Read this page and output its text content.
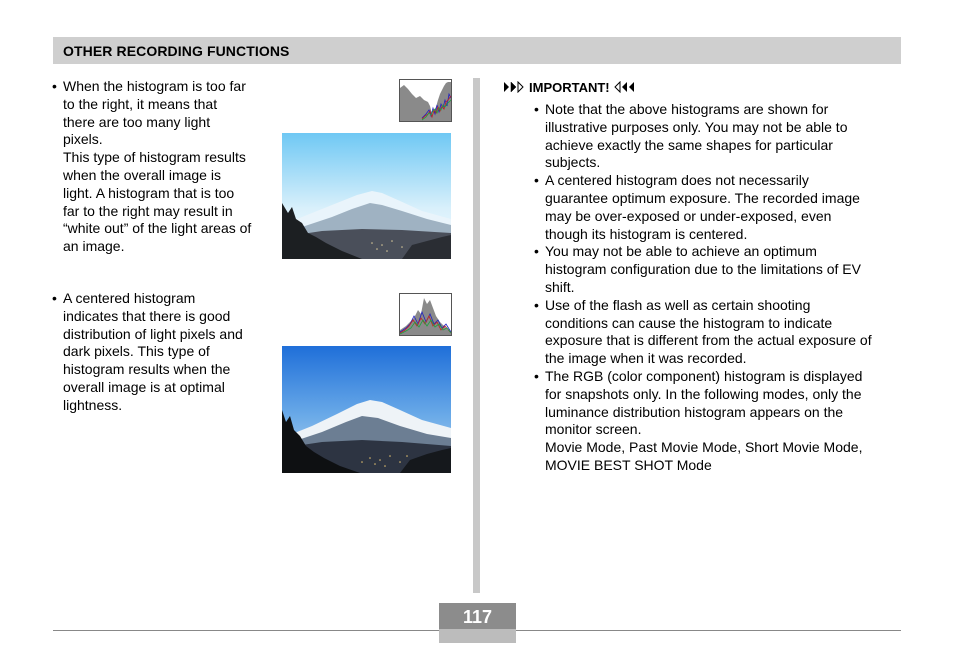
OTHER RECORDING FUNCTIONS
• When the histogram is too far
to the right, it means that
there are too many light
pixels.
This type of histogram results
when the overall image is
light. A histogram that is too
far to the right may result in
“white out” of the light areas of
an image.
• A centered histogram
indicates that there is good
distribution of light pixels and
dark pixels. This type of
histogram results when the
overall image is at optimal
lightness.
IMPORTANT!
• Note that the above histograms are shown for
illustrative purposes only. You may not be able to
achieve exactly the same shapes for particular
subjects.
• A centered histogram does not necessarily
guarantee optimum exposure. The recorded image
may be over-exposed or under-exposed, even
though its histogram is centered.
• You may not be able to achieve an optimum
histogram configuration due to the limitations of EV
shift.
• Use of the flash as well as certain shooting
conditions can cause the histogram to indicate
exposure that is different from the actual exposure of
the image when it was recorded.
• The RGB (color component) histogram is displayed
for snapshots only. In the following modes, only the
luminance distribution histogram appears on the
monitor screen.
Movie Mode, Past Movie Mode, Short Movie Mode,
MOVIE BEST SHOT Mode
117
